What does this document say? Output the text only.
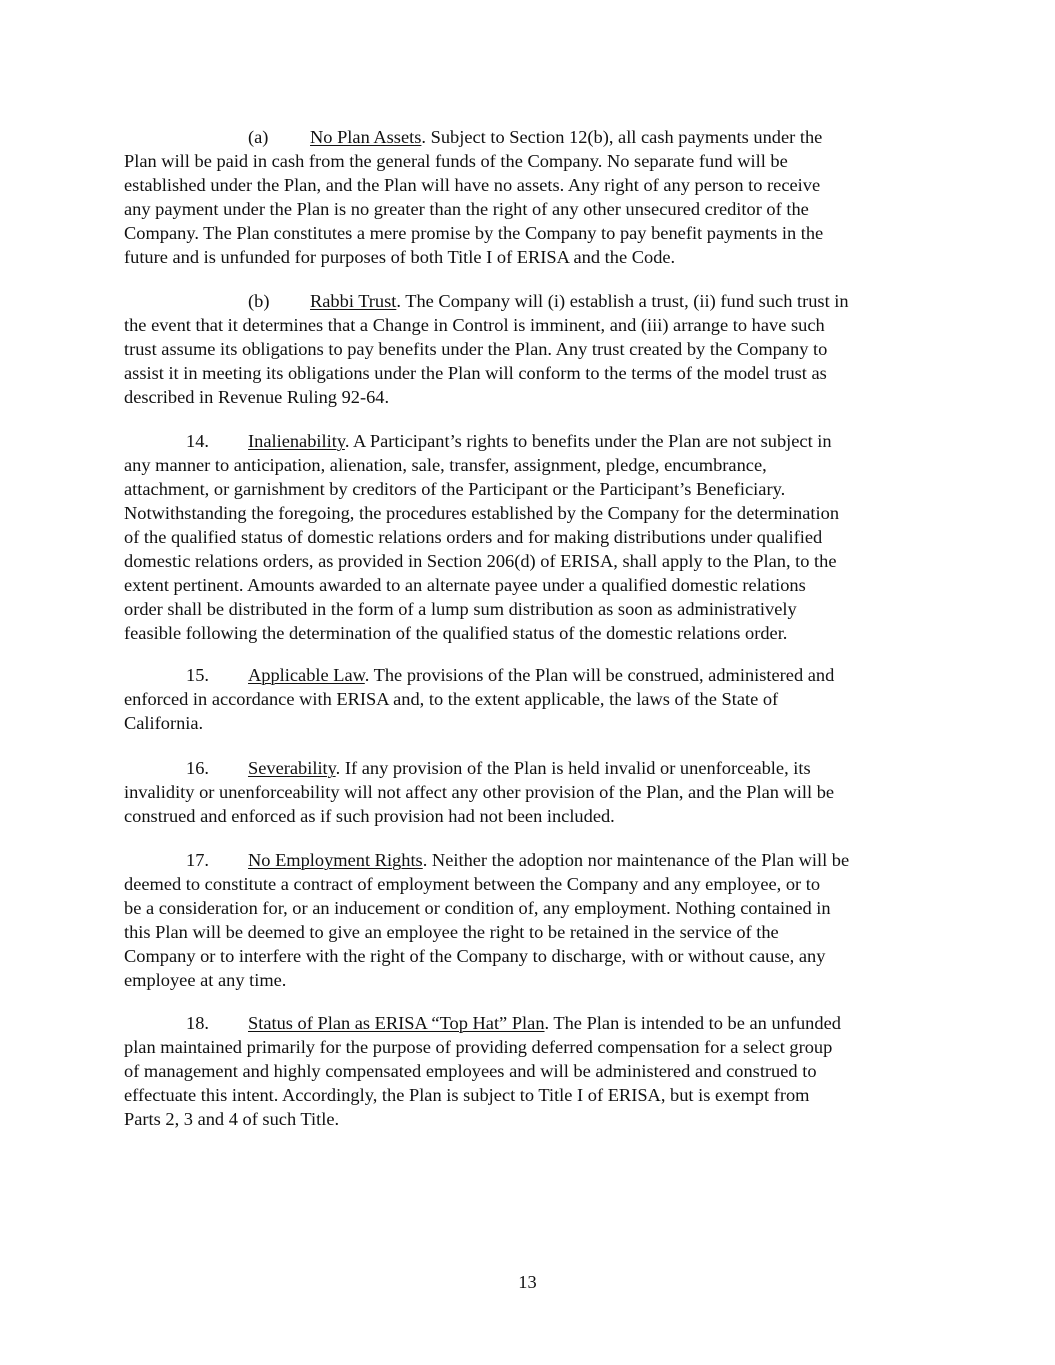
(a) No Plan Assets. Subject to Section 12(b), all cash payments under the
Plan will be paid in cash from the general funds of the Company. No separate fund will be
established under the Plan, and the Plan will have no assets. Any right of any person to receive
any payment under the Plan is no greater than the right of any other unsecured creditor of the
Company. The Plan constitutes a mere promise by the Company to pay benefit payments in the
future and is unfunded for purposes of both Title I of ERISA and the Code.
(b) Rabbi Trust. The Company will (i) establish a trust, (ii) fund such trust in
the event that it determines that a Change in Control is imminent, and (iii) arrange to have such
trust assume its obligations to pay benefits under the Plan. Any trust created by the Company to
assist it in meeting its obligations under the Plan will conform to the terms of the model trust as
described in Revenue Ruling 92-64.
14. Inalienability. A Participant’s rights to benefits under the Plan are not subject in
any manner to anticipation, alienation, sale, transfer, assignment, pledge, encumbrance,
attachment, or garnishment by creditors of the Participant or the Participant’s Beneficiary.
Notwithstanding the foregoing, the procedures established by the Company for the determination
of the qualified status of domestic relations orders and for making distributions under qualified
domestic relations orders, as provided in Section 206(d) of ERISA, shall apply to the Plan, to the
extent pertinent. Amounts awarded to an alternate payee under a qualified domestic relations
order shall be distributed in the form of a lump sum distribution as soon as administratively
feasible following the determination of the qualified status of the domestic relations order.
15. Applicable Law. The provisions of the Plan will be construed, administered and
enforced in accordance with ERISA and, to the extent applicable, the laws of the State of
California.
16. Severability. If any provision of the Plan is held invalid or unenforceable, its
invalidity or unenforceability will not affect any other provision of the Plan, and the Plan will be
construed and enforced as if such provision had not been included.
17. No Employment Rights. Neither the adoption nor maintenance of the Plan will be
deemed to constitute a contract of employment between the Company and any employee, or to
be a consideration for, or an inducement or condition of, any employment. Nothing contained in
this Plan will be deemed to give an employee the right to be retained in the service of the
Company or to interfere with the right of the Company to discharge, with or without cause, any
employee at any time.
18. Status of Plan as ERISA “Top Hat” Plan. The Plan is intended to be an unfunded
plan maintained primarily for the purpose of providing deferred compensation for a select group
of management and highly compensated employees and will be administered and construed to
effectuate this intent. Accordingly, the Plan is subject to Title I of ERISA, but is exempt from
Parts 2, 3 and 4 of such Title.

13
